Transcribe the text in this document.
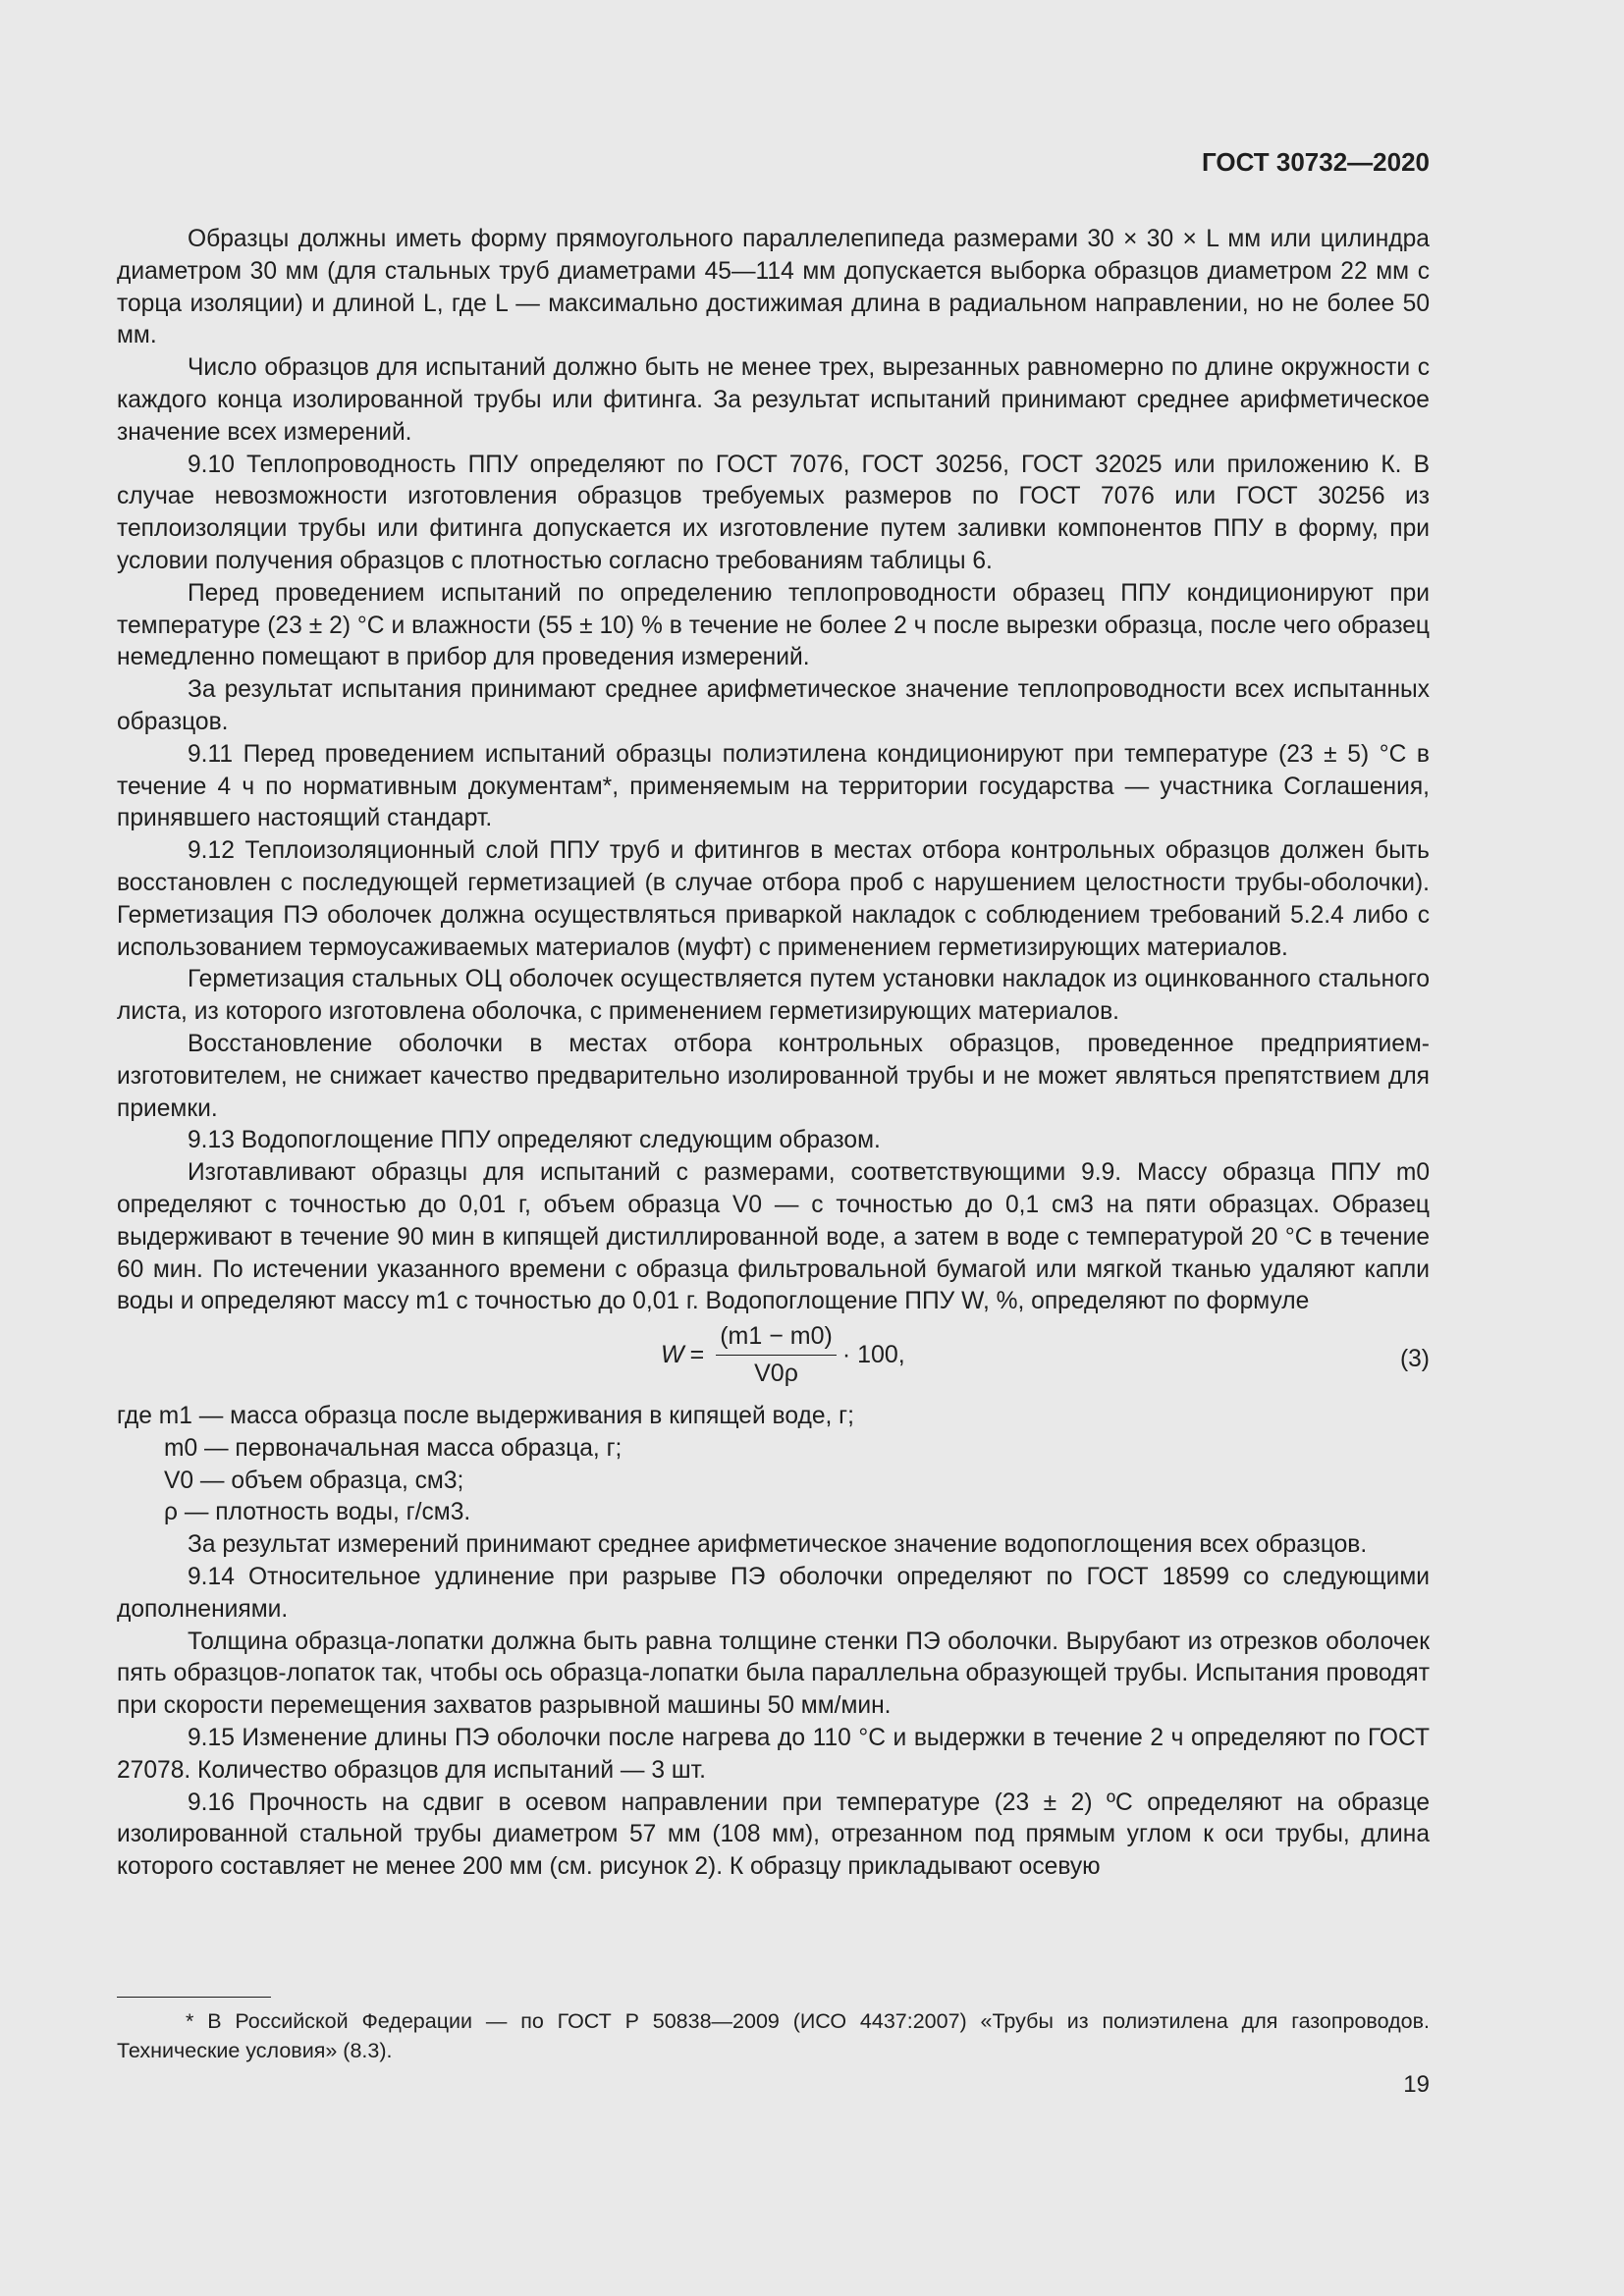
ГОСТ 30732—2020

Образцы должны иметь форму прямоугольного параллелепипеда размерами 30 × 30 × L мм или цилиндра диаметром 30 мм (для стальных труб диаметрами 45—114 мм допускается выборка образцов диаметром 22 мм с торца изоляции) и длиной L, где L — максимально достижимая длина в радиальном направлении, но не более 50 мм.

Число образцов для испытаний должно быть не менее трех, вырезанных равномерно по длине окружности с каждого конца изолированной трубы или фитинга. За результат испытаний принимают среднее арифметическое значение всех измерений.

9.10 Теплопроводность ППУ определяют по ГОСТ 7076, ГОСТ 30256, ГОСТ 32025 или приложению К. В случае невозможности изготовления образцов требуемых размеров по ГОСТ 7076 или ГОСТ 30256 из теплоизоляции трубы или фитинга допускается их изготовление путем заливки компонентов ППУ в форму, при условии получения образцов с плотностью согласно требованиям таблицы 6.

Перед проведением испытаний по определению теплопроводности образец ППУ кондиционируют при температуре (23 ± 2) °С и влажности (55 ± 10) % в течение не более 2 ч после вырезки образца, после чего образец немедленно помещают в прибор для проведения измерений.

За результат испытания принимают среднее арифметическое значение теплопроводности всех испытанных образцов.

9.11 Перед проведением испытаний образцы полиэтилена кондиционируют при температуре (23 ± 5) °С в течение 4 ч по нормативным документам*, применяемым на территории государства — участника Соглашения, принявшего настоящий стандарт.

9.12 Теплоизоляционный слой ППУ труб и фитингов в местах отбора контрольных образцов должен быть восстановлен с последующей герметизацией (в случае отбора проб с нарушением целостности трубы-оболочки). Герметизация ПЭ оболочек должна осуществляться приваркой накладок с соблюдением требований 5.2.4 либо с использованием термоусаживаемых материалов (муфт) с применением герметизирующих материалов.

Герметизация стальных ОЦ оболочек осуществляется путем установки накладок из оцинкованного стального листа, из которого изготовлена оболочка, с применением герметизирующих материалов.

Восстановление оболочки в местах отбора контрольных образцов, проведенное предприятием-изготовителем, не снижает качество предварительно изолированной трубы и не может являться препятствием для приемки.

9.13 Водопоглощение ППУ определяют следующим образом.

Изготавливают образцы для испытаний с размерами, соответствующими 9.9. Массу образца ППУ m0 определяют с точностью до 0,01 г, объем образца V0 — с точностью до 0,1 см3 на пяти образцах. Образец выдерживают в течение 90 мин в кипящей дистиллированной воде, а затем в воде с температурой 20 °С в течение 60 мин. По истечении указанного времени с образца фильтровальной бумагой или мягкой тканью удаляют капли воды и определяют массу m1 с точностью до 0,01 г. Водопоглощение ППУ W, %, определяют по формуле

$W = \frac{(m1 - m0)}{V0\rho} \cdot 100$,	(3)

где m1 — масса образца после выдерживания в кипящей воде, г;

m0 — первоначальная масса образца, г;

V0 — объем образца, см3;

ρ — плотность воды, г/см3.

За результат измерений принимают среднее арифметическое значение водопоглощения всех образцов.

9.14 Относительное удлинение при разрыве ПЭ оболочки определяют по ГОСТ 18599 со следующими дополнениями.

Толщина образца-лопатки должна быть равна толщине стенки ПЭ оболочки. Вырубают из отрезков оболочек пять образцов-лопаток так, чтобы ось образца-лопатки была параллельна образующей трубы. Испытания проводят при скорости перемещения захватов разрывной машины 50 мм/мин.

9.15 Изменение длины ПЭ оболочки после нагрева до 110 °С и выдержки в течение 2 ч определяют по ГОСТ 27078. Количество образцов для испытаний — 3 шт.

9.16 Прочность на сдвиг в осевом направлении при температуре (23 ± 2) ºС определяют на образце изолированной стальной трубы диаметром 57 мм (108 мм), отрезанном под прямым углом к оси трубы, длина которого составляет не менее 200 мм (см. рисунок 2). К образцу прикладывают осевую

* В Российской Федерации — по ГОСТ Р 50838—2009 (ИСО 4437:2007) «Трубы из полиэтилена для газопроводов. Технические условия» (8.3).

19
